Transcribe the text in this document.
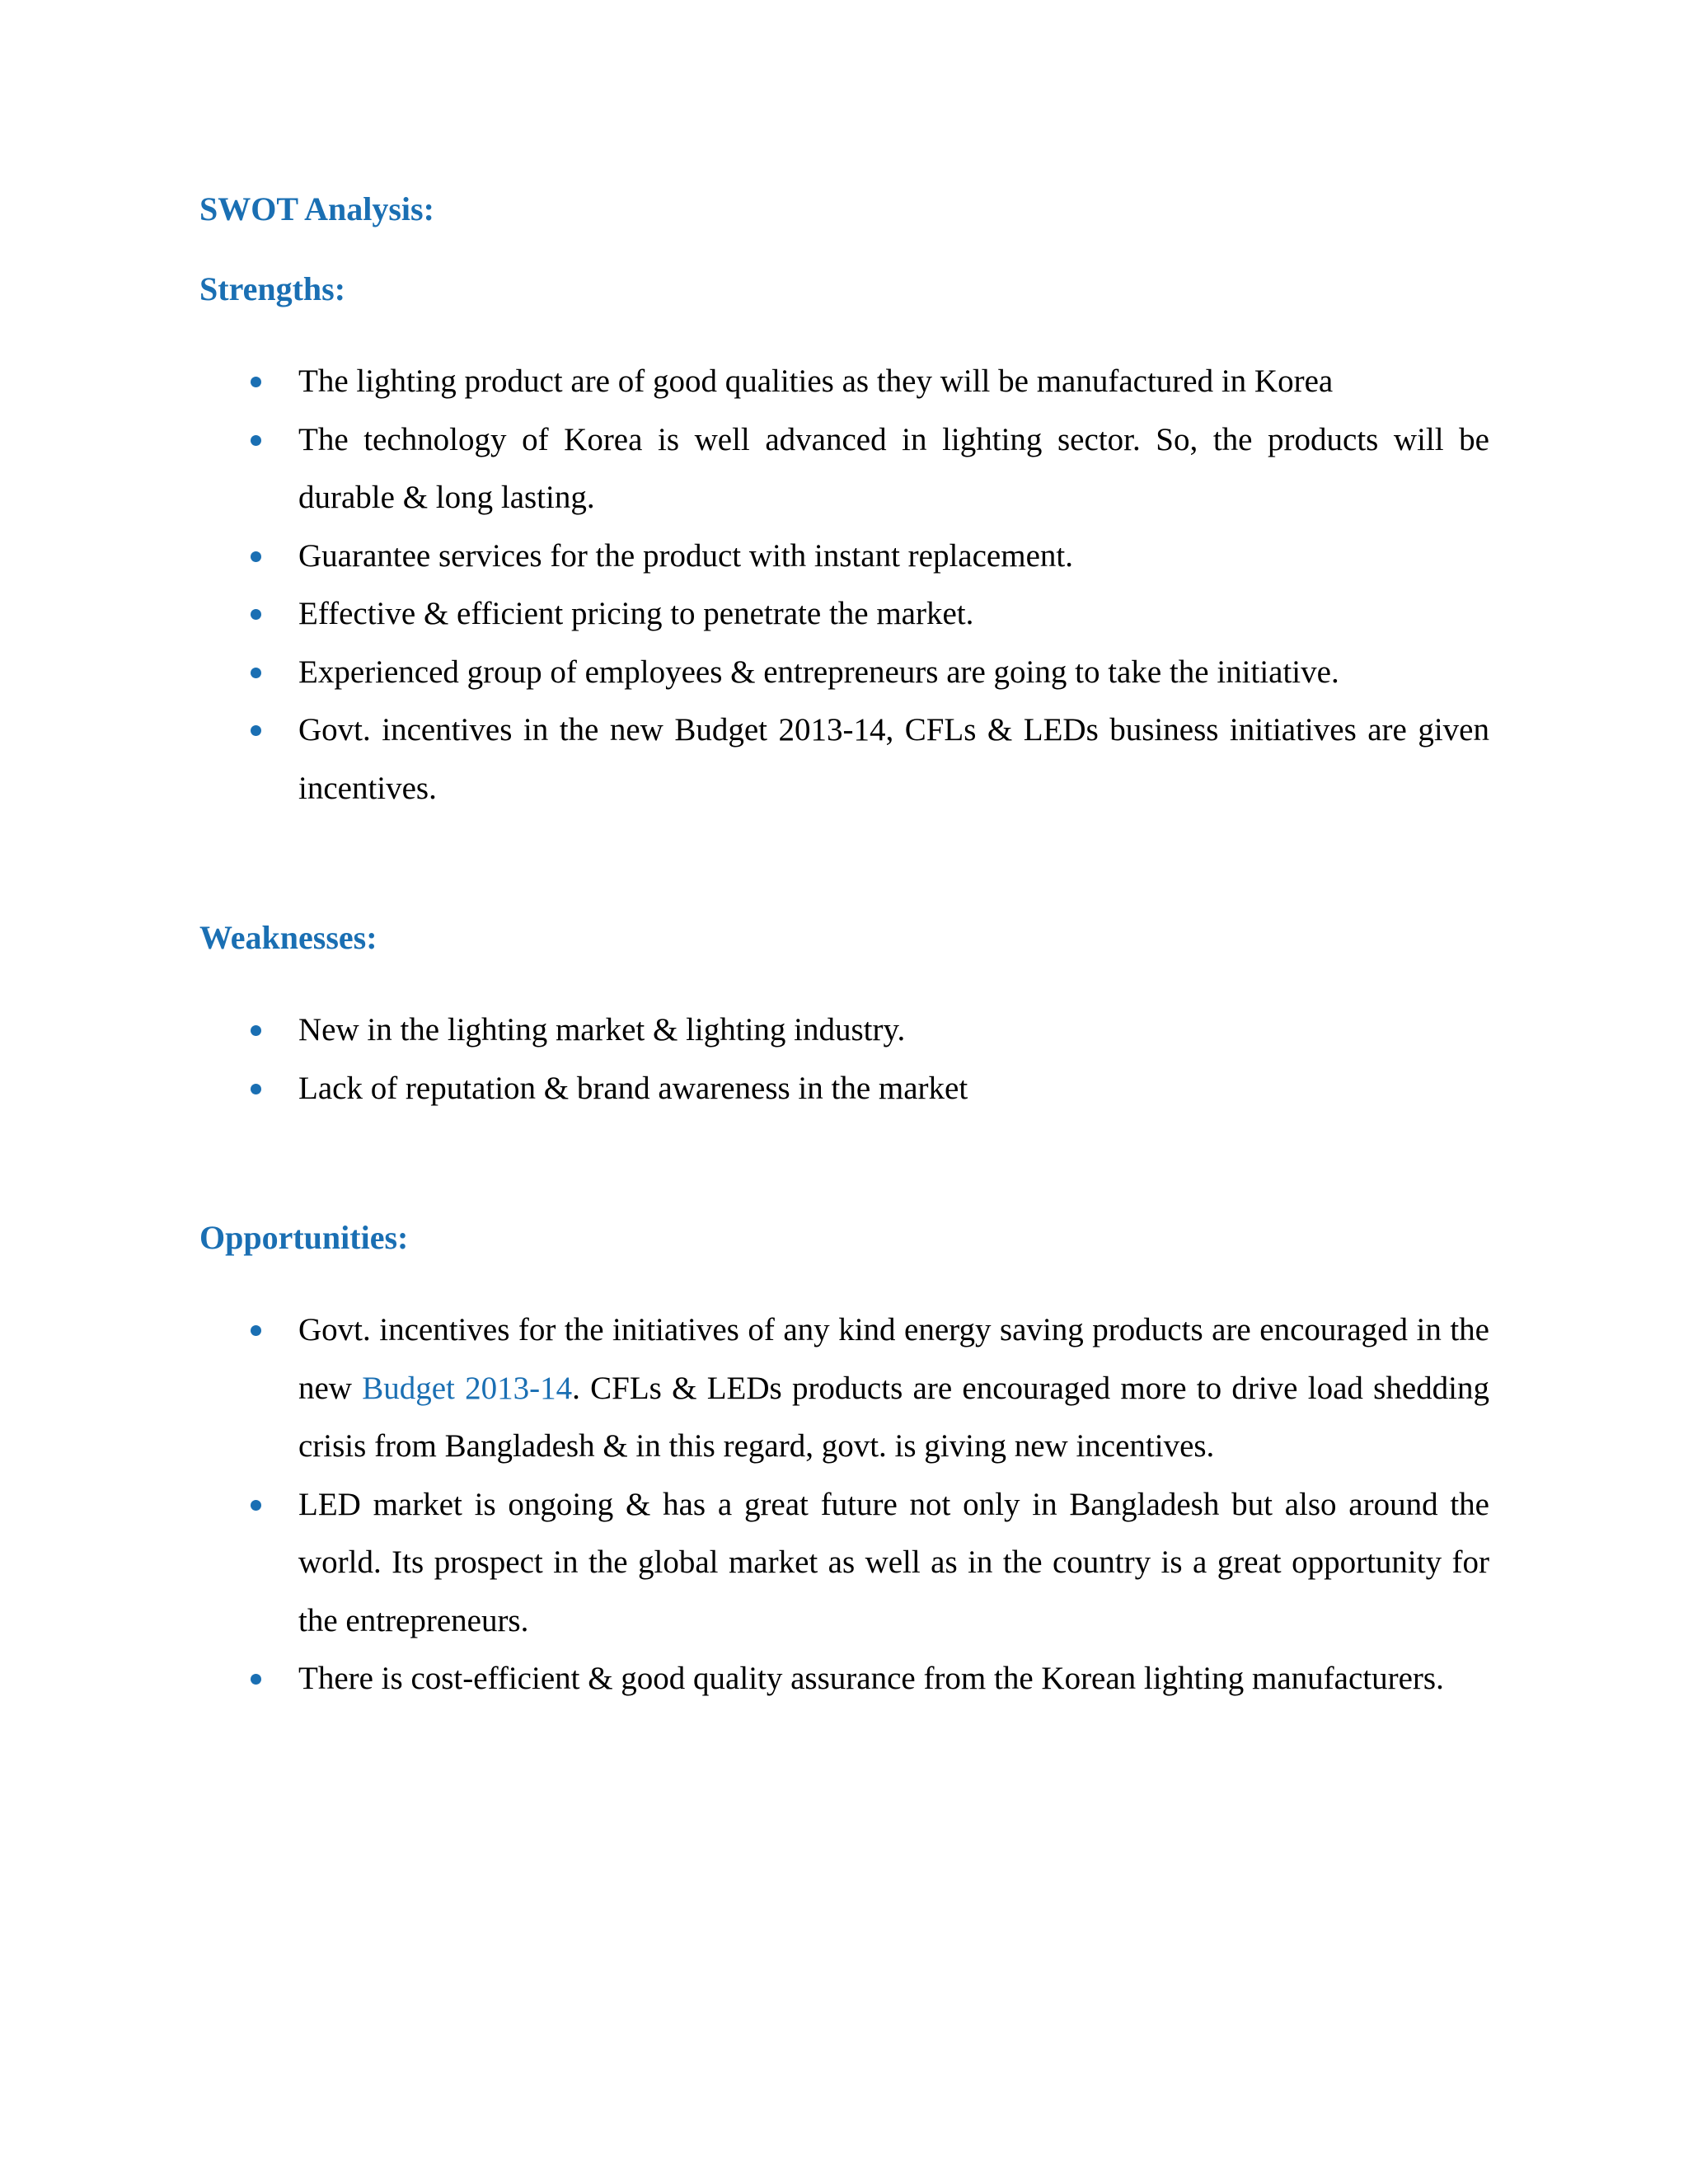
SWOT Analysis:
Strengths:
The lighting product are of good qualities as they will be manufactured in Korea
The technology of Korea is well advanced in lighting sector. So, the products will be durable & long lasting.
Guarantee services for the product with instant replacement.
Effective & efficient pricing to penetrate the market.
Experienced group of employees & entrepreneurs are going to take the initiative.
Govt. incentives in the new Budget 2013-14, CFLs & LEDs business initiatives are given incentives.
Weaknesses:
New in the lighting market & lighting industry.
Lack of reputation & brand awareness in the market
Opportunities:
Govt. incentives for the initiatives of any kind energy saving products are encouraged in the new Budget 2013-14. CFLs & LEDs products are encouraged more to drive load shedding crisis from Bangladesh & in this regard, govt. is giving new incentives.
LED market is ongoing & has a great future not only in Bangladesh but also around the world. Its prospect in the global market as well as in the country is a great opportunity for the entrepreneurs.
There is cost-efficient & good quality assurance from the Korean lighting manufacturers.
